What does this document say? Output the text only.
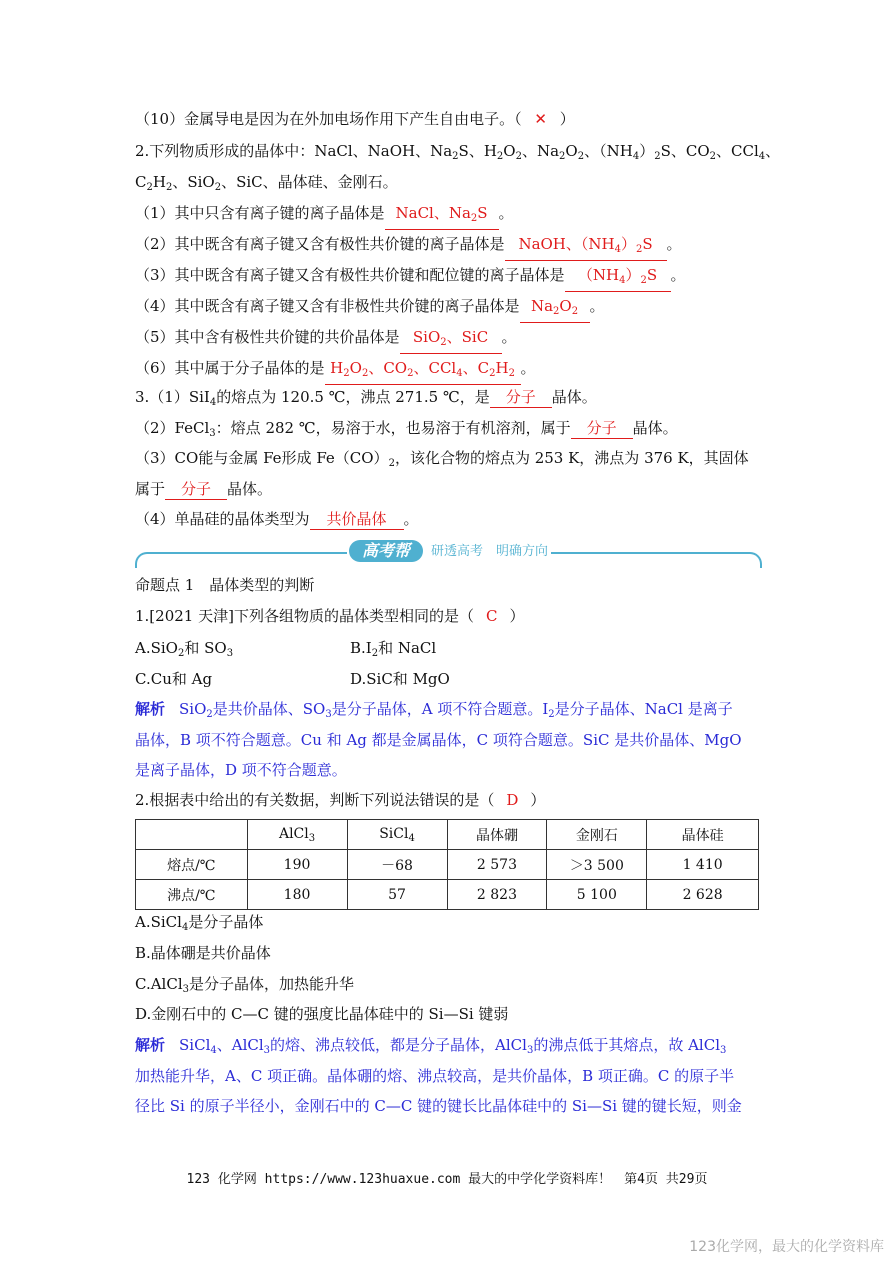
（10）金属导电是因为在外加电场作用下产生自由电子。（ ✕ ）
2.下列物质形成的晶体中：NaCl、NaOH、$Na_2S$、$H_2O_2$、$Na_2O_2$、$(NH_4)_2S$、$CO_2$、CCl$_4$、
$C_2H_2$、SiO$_2$、SiC、晶体硅、金刚石。
（1）其中只含有离子键的离子晶体是 NaCl、$Na_2S$ 。
（2）其中既含有离子键又含有极性共价键的离子晶体是 NaOH、$(NH_4)_2S$ 。
（3）其中既含有离子键又含有极性共价键和配位键的离子晶体是 $(NH_4)_2S$ 。
（4）其中既含有离子键又含有非极性共价键的离子晶体是 $Na_2O_2$ 。
（5）其中含有极性共价键的共价晶体是 SiO$_2$、SiC 。
（6）其中属于分子晶体的是 $H_2O_2$、$CO_2$、CCl$_4$、$C_2H_2$ 。
3.（1）SiI$_4$的熔点为 120.5 ℃，沸点 271.5 ℃，是 分子 晶体。
（2）FeCl$_3$：熔点 282 ℃，易溶于水，也易溶于有机溶剂，属于 分子 晶体。
（3）CO能与金属 Fe形成 $Fe(CO)_2$，该化合物的熔点为 253 K，沸点为 376 K，其固体
属于 分子 晶体。
（4）单晶硅的晶体类型为 共价晶体 。
高考帮	研透高考　明确方向
命题点 1　晶体类型的判断
1.[2021 天津]下列各组物质的晶体类型相同的是（ C ）
A.SiO$_2$和 $SO_3$	$B.I_2$和 NaCl
C.Cu和 Ag	D.SiC和 MgO
解析 SiO$_2$是共价晶体、$SO_3$是分子晶体，A 项不符合题意。$I_2$是分子晶体、NaCl 是离子
晶体，B 项不符合题意。Cu 和 Ag 都是金属晶体，C 项符合题意。SiC 是共价晶体、MgO
是离子晶体，D 项不符合题意。
2.根据表中给出的有关数据，判断下列说法错误的是（ D ）
	AlCl$_3$	SiCl$_4$	晶体硼	金刚石	晶体硅
熔点/℃	190	－68	2 573	＞3 500	1 410
沸点/℃	180	57	2 823	5 100	2 628
A.SiCl$_4$是分子晶体
B.晶体硼是共价晶体
C.AlCl$_3$是分子晶体，加热能升华
D.金刚石中的 C—C 键的强度比晶体硅中的 Si—Si 键弱
解析 SiCl$_4$、AlCl$_3$的熔、沸点较低，都是分子晶体，AlCl$_3$的沸点低于其熔点，故 AlCl$_3$
加热能升华，A、C 项正确。晶体硼的熔、沸点较高，是共价晶体，B 项正确。C 的原子半
径比 Si 的原子半径小，金刚石中的 C—C 键的键长比晶体硅中的 Si—Si 键的键长短，则金
123 化学网 https://www.123huaxue.com 最大的中学化学资料库！　第4页 共29页
123化学网，最大的化学资料库
